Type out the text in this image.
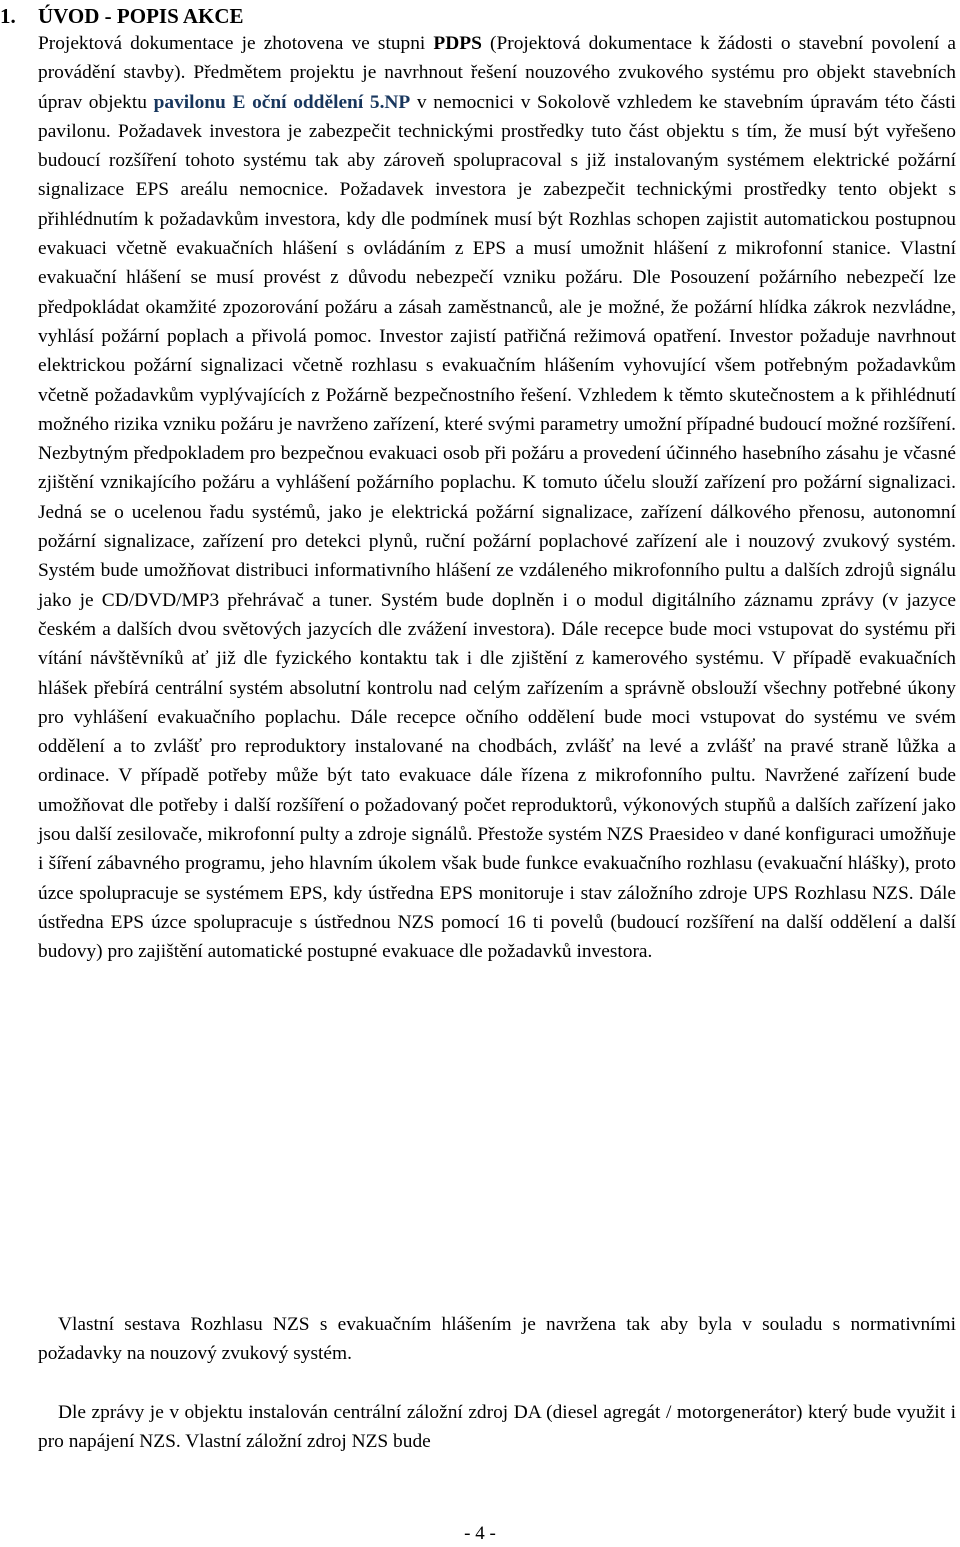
1. ÚVOD - POPIS AKCE

Projektová dokumentace je zhotovena ve stupni PDPS (Projektová dokumentace k žádosti o stavební povolení a provádění stavby). Předmětem projektu je navrhnout řešení nouzového zvukového systému pro objekt stavebních úprav objektu pavilonu E oční oddělení 5.NP v nemocnici v Sokolově vzhledem ke stavebním úpravám této části pavilonu. Požadavek investora je zabezpečit technickými prostředky tuto část objektu s tím, že musí být vyřešeno budoucí rozšíření tohoto systému tak aby zároveň spolupracoval s již instalovaným systémem elektrické požární signalizace EPS areálu nemocnice. Požadavek investora je zabezpečit technickými prostředky tento objekt s přihlédnutím k požadavkům investora, kdy dle podmínek musí být Rozhlas schopen zajistit automatickou postupnou evakuaci včetně evakuačních hlášení s ovládáním z EPS a musí umožnit hlášení z mikrofonní stanice. Vlastní evakuační hlášení se musí provést z důvodu nebezpečí vzniku požáru. Dle Posouzení požárního nebezpečí lze předpokládat okamžité zpozorování požáru a zásah zaměstnanců, ale je možné, že požární hlídka zákrok nezvládne, vyhlásí požární poplach a přivolá pomoc. Investor zajistí patřičná režimová opatření. Investor požaduje navrhnout elektrickou požární signalizaci včetně rozhlasu s evakuačním hlášením vyhovující všem potřebným požadavkům včetně požadavkům vyplývajících z Požárně bezpečnostního řešení. Vzhledem k těmto skutečnostem a k přihlédnutí možného rizika vzniku požáru je navrženo zařízení, které svými parametry umožní případné budoucí možné rozšíření. Nezbytným předpokladem pro bezpečnou evakuaci osob při požáru a provedení účinného hasebního zásahu je včasné zjištění vznikajícího požáru a vyhlášení požárního poplachu. K tomuto účelu slouží zařízení pro požární signalizaci. Jedná se o ucelenou řadu systémů, jako je elektrická požární signalizace, zařízení dálkového přenosu, autonomní požární signalizace, zařízení pro detekci plynů, ruční požární poplachové zařízení ale i nouzový zvukový systém. Systém bude umožňovat distribuci informativního hlášení ze vzdáleného mikrofonního pultu a dalších zdrojů signálu jako je CD/DVD/MP3 přehrávač a tuner. Systém bude doplněn i o modul digitálního záznamu zprávy (v jazyce českém a dalších dvou světových jazycích dle zvážení investora). Dále recepce bude moci vstupovat do systému při vítání návštěvníků ať již dle fyzického kontaktu tak i dle zjištění z kamerového systému. V případě evakuačních hlášek přebírá centrální systém absolutní kontrolu nad celým zařízením a správně obslouží všechny potřebné úkony pro vyhlášení evakuačního poplachu. Dále recepce očního oddělení bude moci vstupovat do systému ve svém oddělení a to zvlášť pro reproduktory instalované na chodbách, zvlášť na levé a zvlášť na pravé straně lůžka a ordinace. V případě potřeby může být tato evakuace dále řízena z mikrofonního pultu. Navržené zařízení bude umožňovat dle potřeby i další rozšíření o požadovaný počet reproduktorů, výkonových stupňů a dalších zařízení jako jsou další zesilovače, mikrofonní pulty a zdroje signálů. Přestože systém NZS Praesideo v dané konfiguraci umožňuje i šíření zábavného programu, jeho hlavním úkolem však bude funkce evakuačního rozhlasu (evakuační hlášky), proto úzce spolupracuje se systémem EPS, kdy ústředna EPS monitoruje i stav záložního zdroje UPS Rozhlasu NZS. Dále ústředna EPS úzce spolupracuje s ústřednou NZS pomocí 16 ti povelů (budoucí rozšíření na další oddělení a další budovy) pro zajištění automatické postupné evakuace dle požadavků investora.

Vlastní sestava Rozhlasu NZS s evakuačním hlášením je navržena tak aby byla v souladu s normativními požadavky na nouzový zvukový systém.

Dle zprávy je v objektu instalován centrální záložní zdroj DA (diesel agregát / motorgenerátor) který bude využit i pro napájení NZS. Vlastní záložní zdroj NZS bude

- 4 -
